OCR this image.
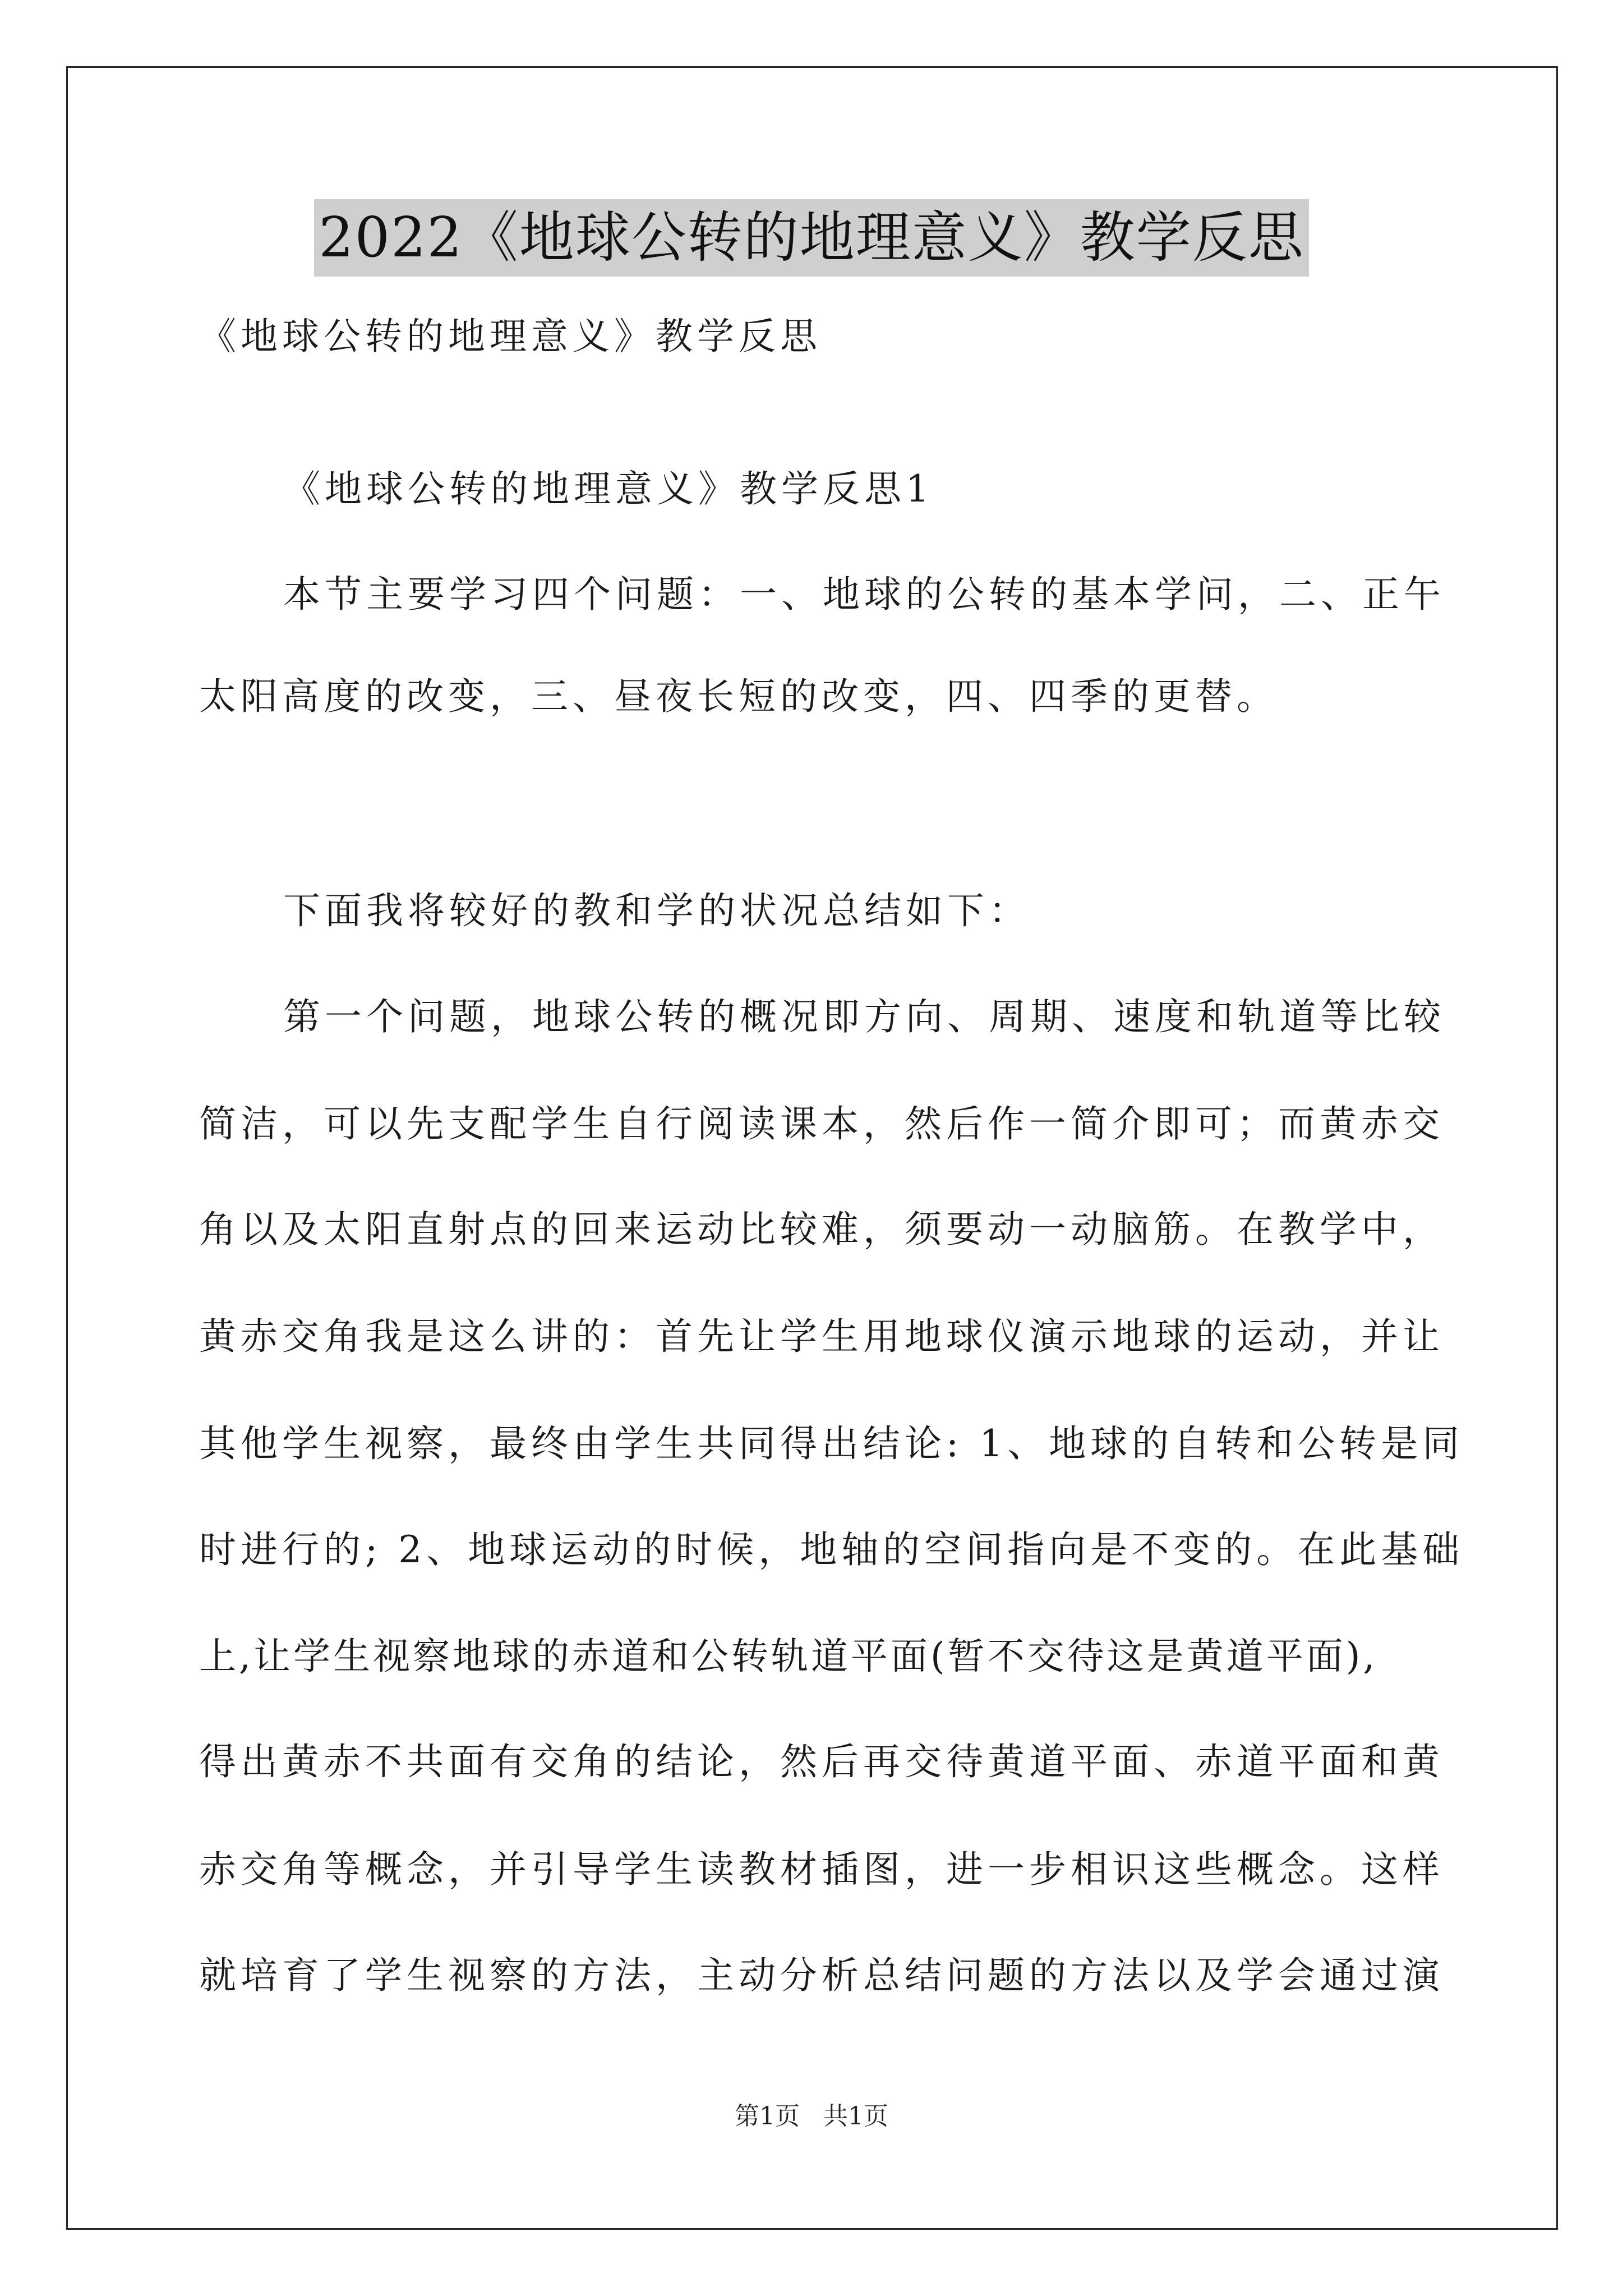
2022《地球公转的地理意义》教学反思
《地球公转的地理意义》教学反思
《地球公转的地理意义》教学反思1
本节主要学习四个问题：一、地球的公转的基本学问，二、正午
太阳高度的改变，三、昼夜长短的改变，四、四季的更替。
下面我将较好的教和学的状况总结如下：
第一个问题，地球公转的概况即方向、周期、速度和轨道等比较
简洁，可以先支配学生自行阅读课本，然后作一简介即可；而黄赤交
角以及太阳直射点的回来运动比较难，须要动一动脑筋。在教学中，
黄赤交角我是这么讲的：首先让学生用地球仪演示地球的运动，并让
其他学生视察，最终由学生共同得出结论: 1、地球的自转和公转是同
时进行的; 2、地球运动的时候，地轴的空间指向是不变的。在此基础
上,让学生视察地球的赤道和公转轨道平面(暂不交待这是黄道平面),
得出黄赤不共面有交角的结论，然后再交待黄道平面、赤道平面和黄
赤交角等概念，并引导学生读教材插图，进一步相识这些概念。这样
就培育了学生视察的方法，主动分析总结问题的方法以及学会通过演
第1页   共1页
